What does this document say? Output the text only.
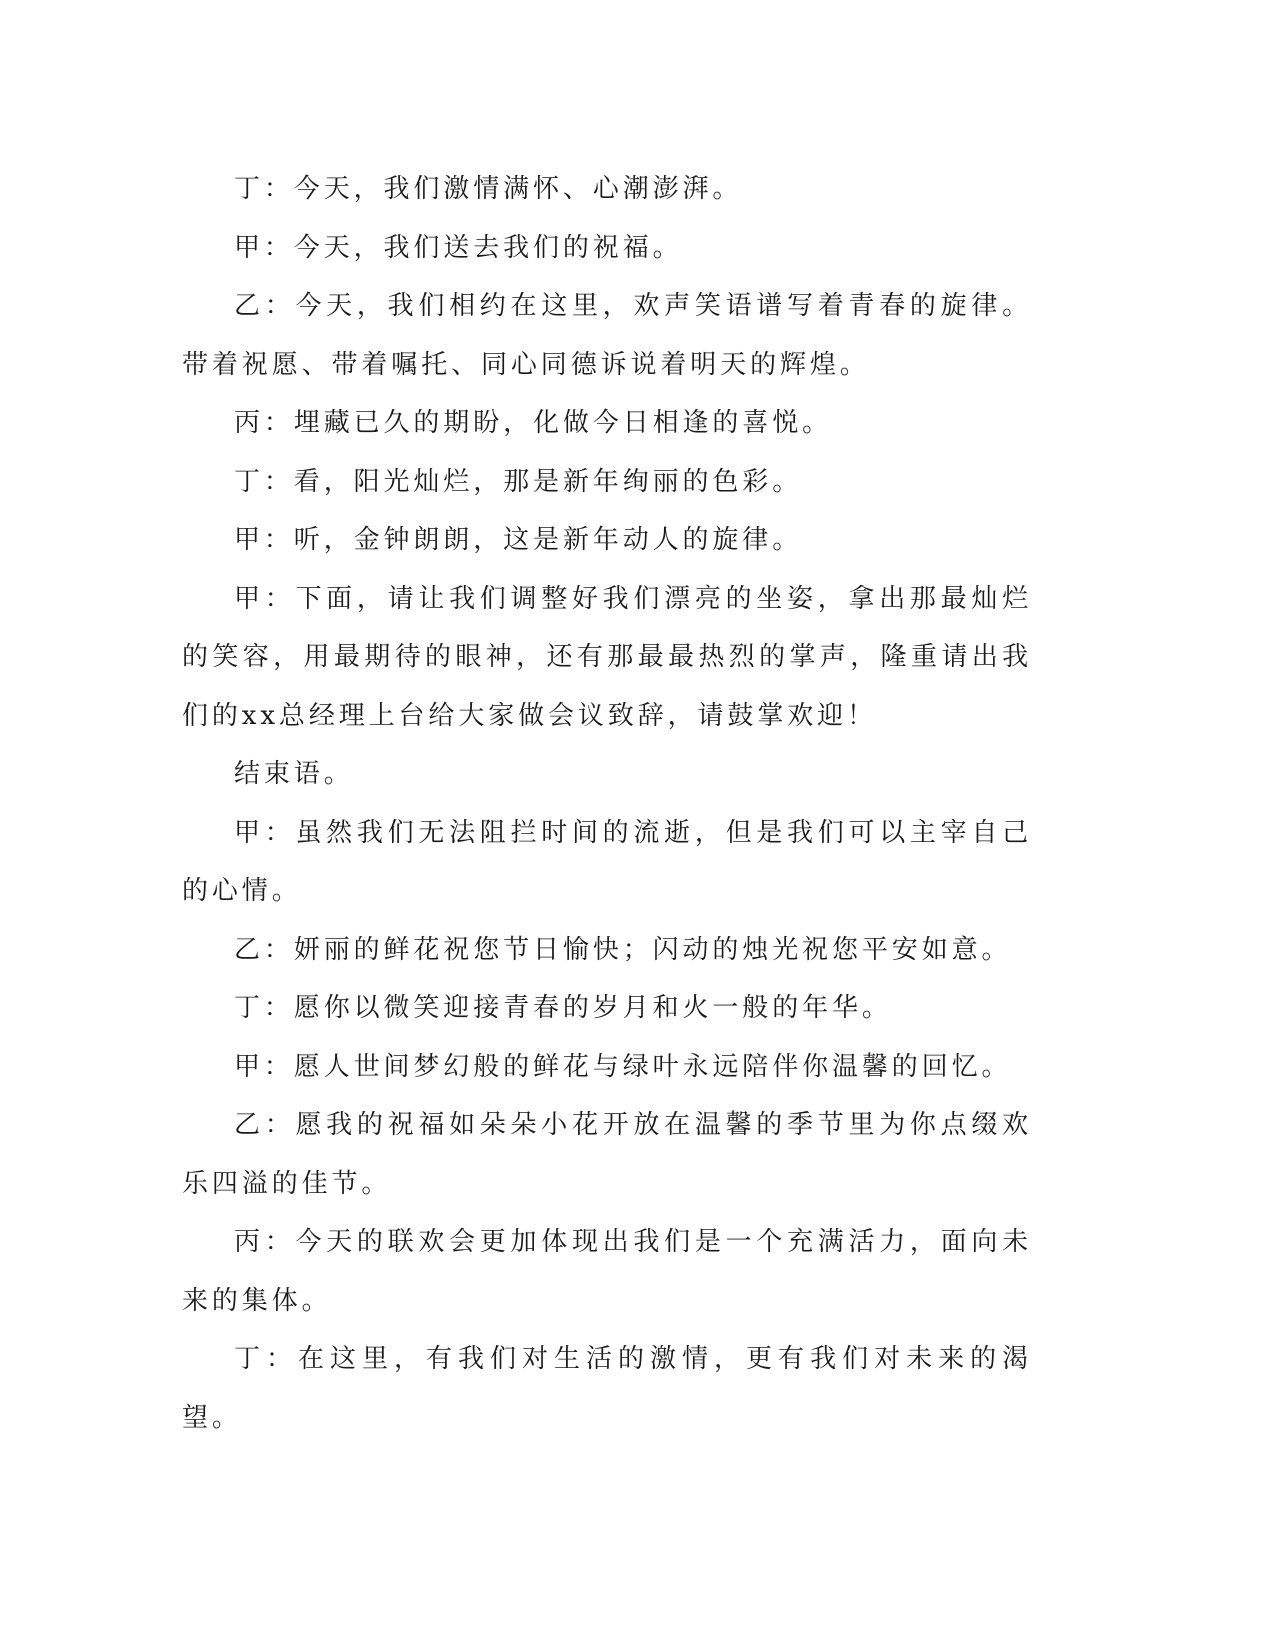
丁：今天，我们激情满怀、心潮澎湃。

甲：今天，我们送去我们的祝福。

乙：今天，我们相约在这里，欢声笑语谱写着青春的旋律。带着祝愿、带着嘱托、同心同德诉说着明天的辉煌。

丙：埋藏已久的期盼，化做今日相逢的喜悦。

丁：看，阳光灿烂，那是新年绚丽的色彩。

甲：听，金钟朗朗，这是新年动人的旋律。

甲：下面，请让我们调整好我们漂亮的坐姿，拿出那最灿烂的笑容，用最期待的眼神，还有那最最热烈的掌声，隆重请出我们的xx总经理上台给大家做会议致辞，请鼓掌欢迎！

结束语。

甲：虽然我们无法阻拦时间的流逝，但是我们可以主宰自己的心情。

乙：妍丽的鲜花祝您节日愉快；闪动的烛光祝您平安如意。

丁：愿你以微笑迎接青春的岁月和火一般的年华。

甲：愿人世间梦幻般的鲜花与绿叶永远陪伴你温馨的回忆。

乙：愿我的祝福如朵朵小花开放在温馨的季节里为你点缀欢乐四溢的佳节。

丙：今天的联欢会更加体现出我们是一个充满活力，面向未来的集体。

丁：在这里，有我们对生活的激情，更有我们对未来的渴望。
